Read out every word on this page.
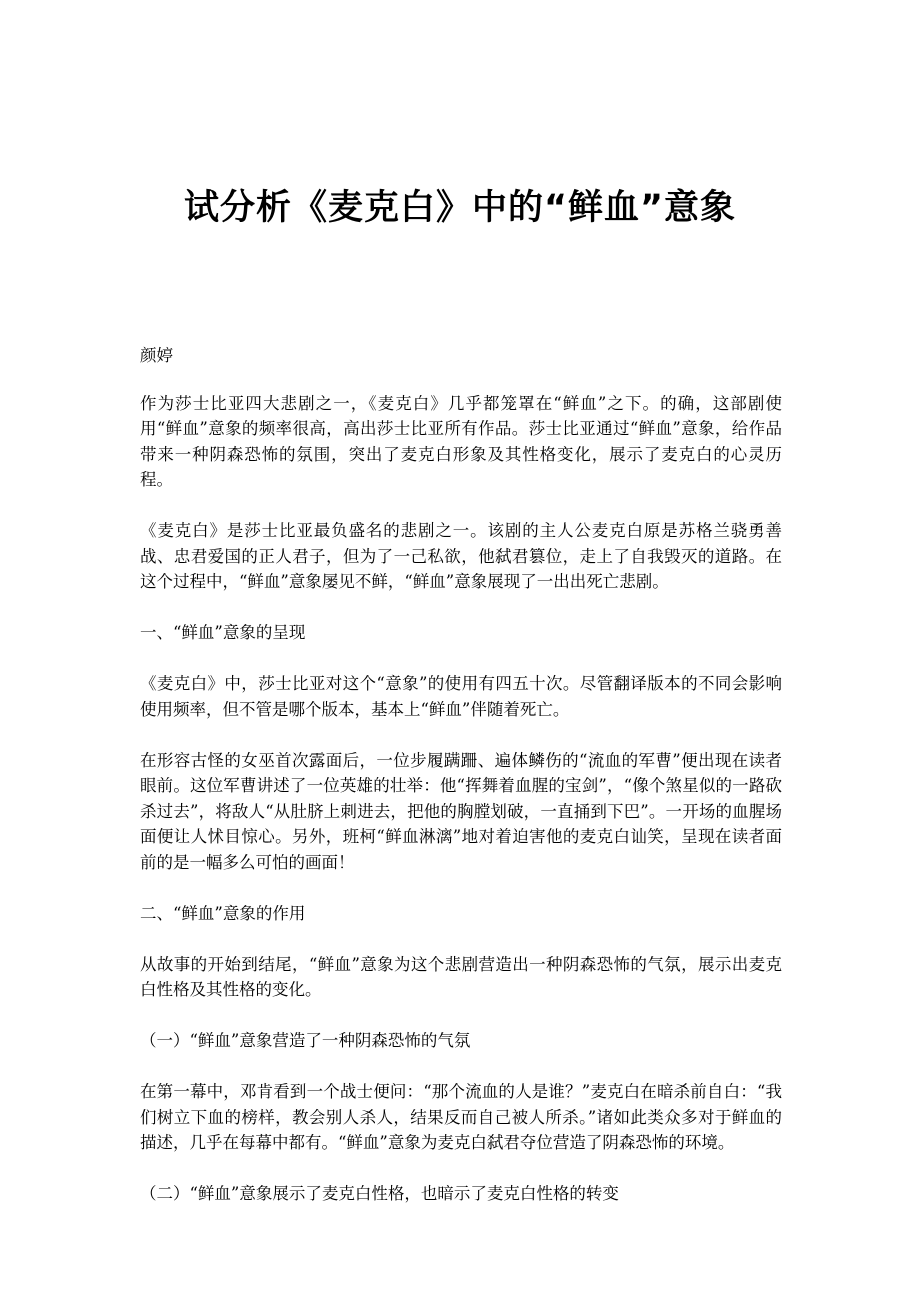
试分析《麦克白》中的“鲜血”意象

颜婷

作为莎士比亚四大悲剧之一，《麦克白》几乎都笼罩在“鲜血”之下。的确，这部剧使用“鲜血”意象的频率很高，高出莎士比亚所有作品。莎士比亚通过“鲜血”意象，给作品带来一种阴森恐怖的氛围，突出了麦克白形象及其性格变化，展示了麦克白的心灵历程。

《麦克白》是莎士比亚最负盛名的悲剧之一。该剧的主人公麦克白原是苏格兰骁勇善战、忠君爱国的正人君子，但为了一己私欲，他弑君篡位，走上了自我毁灭的道路。在这个过程中，“鲜血”意象屡见不鲜，“鲜血”意象展现了一出出死亡悲剧。

一、“鲜血”意象的呈现

《麦克白》中，莎士比亚对这个“意象”的使用有四五十次。尽管翻译版本的不同会影响使用频率，但不管是哪个版本，基本上“鲜血”伴随着死亡。

在形容古怪的女巫首次露面后，一位步履蹒跚、遍体鳞伤的“流血的军曹”便出现在读者眼前。这位军曹讲述了一位英雄的壮举：他“挥舞着血腥的宝剑”，“像个煞星似的一路砍杀过去”，将敌人“从肚脐上刺进去，把他的胸膛划破，一直捅到下巴”。一开场的血腥场面便让人怵目惊心。另外，班柯“鲜血淋漓”地对着迫害他的麦克白讪笑，呈现在读者面前的是一幅多么可怕的画面！

二、“鲜血”意象的作用

从故事的开始到结尾，“鲜血”意象为这个悲剧营造出一种阴森恐怖的气氛，展示出麦克白性格及其性格的变化。

（一）“鲜血”意象营造了一种阴森恐怖的气氛

在第一幕中，邓肯看到一个战士便问：“那个流血的人是谁？”麦克白在暗杀前自白：“我们树立下血的榜样，教会别人杀人，结果反而自己被人所杀。”诸如此类众多对于鲜血的描述，几乎在每幕中都有。“鲜血”意象为麦克白弑君夺位营造了阴森恐怖的环境。

（二）“鲜血”意象展示了麦克白性格，也暗示了麦克白性格的转变
